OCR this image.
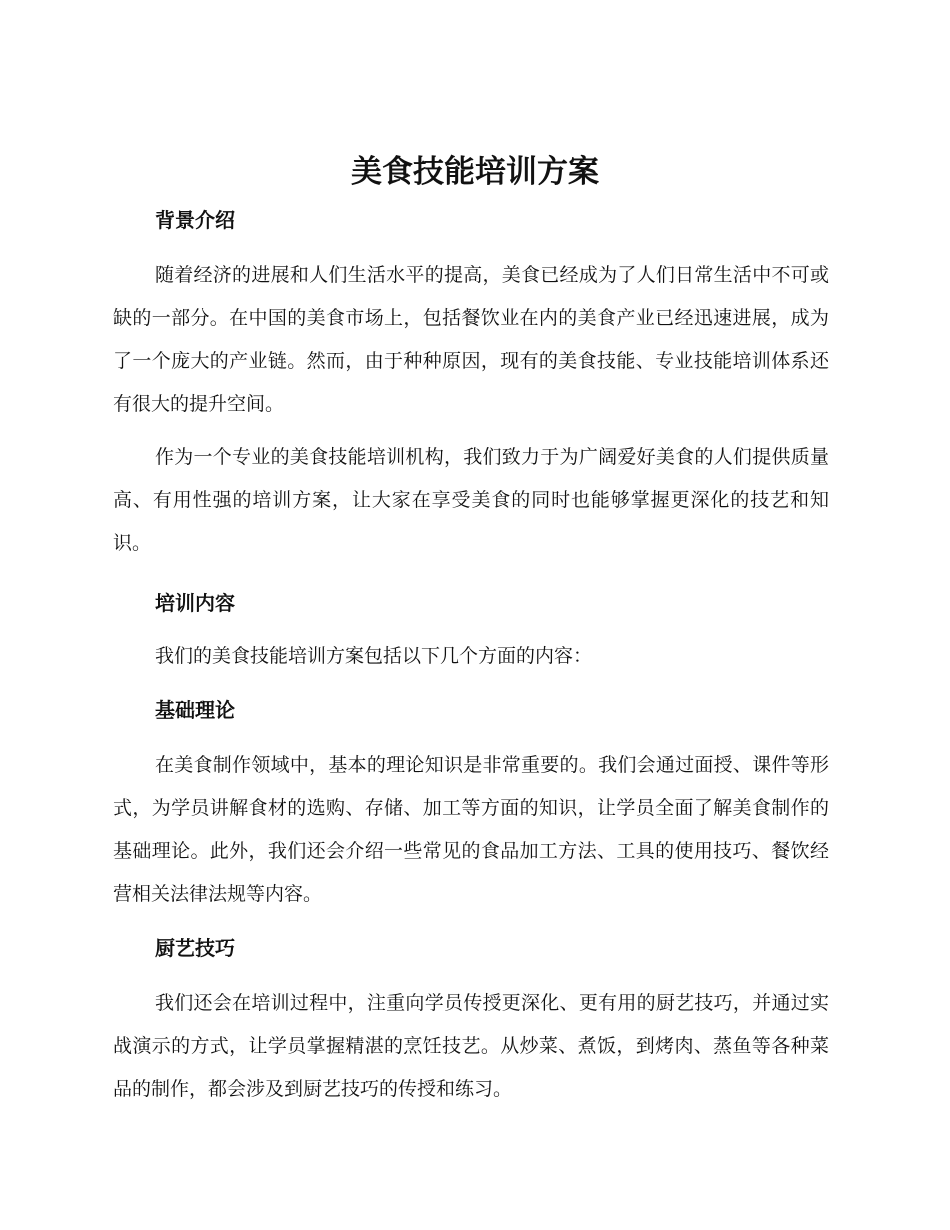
美食技能培训方案
背景介绍

随着经济的进展和人们生活水平的提高，美食已经成为了人们日常生活中不可或缺的一部分。在中国的美食市场上，包括餐饮业在内的美食产业已经迅速进展，成为了一个庞大的产业链。然而，由于种种原因，现有的美食技能、专业技能培训体系还有很大的提升空间。

作为一个专业的美食技能培训机构，我们致力于为广阔爱好美食的人们提供质量高、有用性强的培训方案，让大家在享受美食的同时也能够掌握更深化的技艺和知识。

培训内容

我们的美食技能培训方案包括以下几个方面的内容：

基础理论

在美食制作领域中，基本的理论知识是非常重要的。我们会通过面授、课件等形式，为学员讲解食材的选购、存储、加工等方面的知识，让学员全面了解美食制作的基础理论。此外，我们还会介绍一些常见的食品加工方法、工具的使用技巧、餐饮经营相关法律法规等内容。

厨艺技巧

我们还会在培训过程中，注重向学员传授更深化、更有用的厨艺技巧，并通过实战演示的方式，让学员掌握精湛的烹饪技艺。从炒菜、煮饭，到烤肉、蒸鱼等各种菜品的制作，都会涉及到厨艺技巧的传授和练习。
